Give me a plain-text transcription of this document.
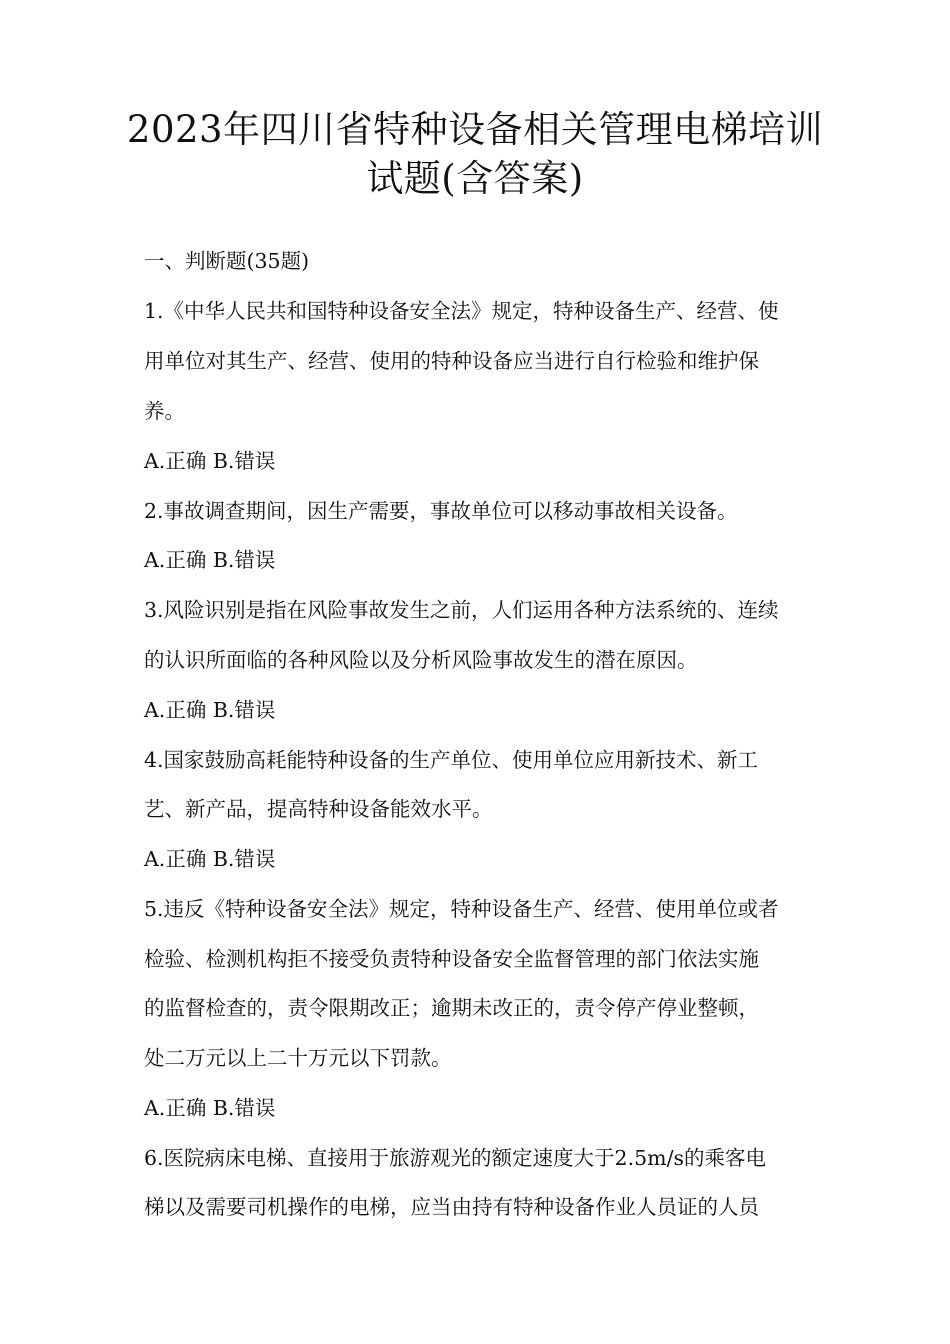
2023年四川省特种设备相关管理电梯培训
试题(含答案)
一、判断题(35题)
1.《中华人民共和国特种设备安全法》规定，特种设备生产、经营、使
用单位对其生产、经营、使用的特种设备应当进行自行检验和维护保
养。
A.正确 B.错误
2.事故调查期间，因生产需要，事故单位可以移动事故相关设备。
A.正确 B.错误
3.风险识别是指在风险事故发生之前，人们运用各种方法系统的、连续
的认识所面临的各种风险以及分析风险事故发生的潜在原因。
A.正确 B.错误
4.国家鼓励高耗能特种设备的生产单位、使用单位应用新技术、新工
艺、新产品，提高特种设备能效水平。
A.正确 B.错误
5.违反《特种设备安全法》规定，特种设备生产、经营、使用单位或者
检验、检测机构拒不接受负责特种设备安全监督管理的部门依法实施
的监督检查的，责令限期改正；逾期未改正的，责令停产停业整顿，
处二万元以上二十万元以下罚款。
A.正确 B.错误
6.医院病床电梯、直接用于旅游观光的额定速度大于2.5m/s的乘客电
梯以及需要司机操作的电梯，应当由持有特种设备作业人员证的人员
